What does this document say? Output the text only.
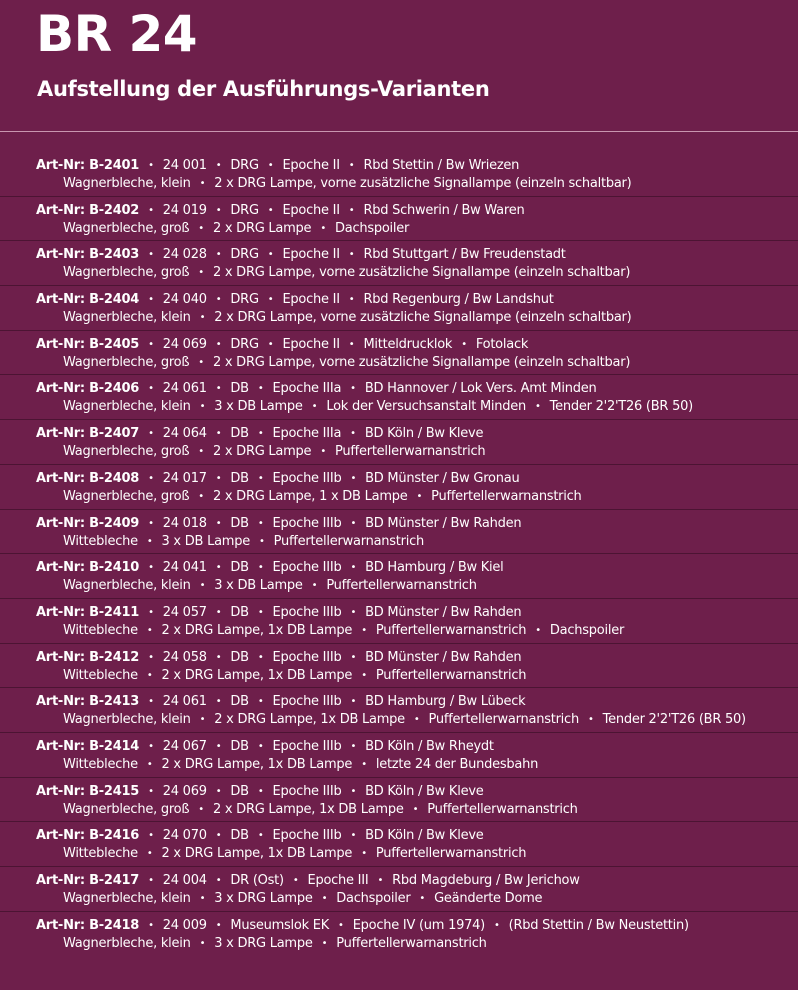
BR 24
Aufstellung der Ausführungs-Varianten
Art-Nr: B-2401 • 24 001 • DRG • Epoche II • Rbd Stettin / Bw Wriezen
Wagnerbleche, klein • 2 x DRG Lampe, vorne zusätzliche Signallampe (einzeln schaltbar)
Art-Nr: B-2402 • 24 019 • DRG • Epoche II • Rbd Schwerin / Bw Waren
Wagnerbleche, groß • 2 x DRG Lampe • Dachspoiler
Art-Nr: B-2403 • 24 028 • DRG • Epoche II • Rbd Stuttgart / Bw Freudenstadt
Wagnerbleche, groß • 2 x DRG Lampe, vorne zusätzliche Signallampe (einzeln schaltbar)
Art-Nr: B-2404 • 24 040 • DRG • Epoche II • Rbd Regenburg / Bw Landshut
Wagnerbleche, klein • 2 x DRG Lampe, vorne zusätzliche Signallampe (einzeln schaltbar)
Art-Nr: B-2405 • 24 069 • DRG • Epoche II • Mitteldrucklok • Fotolack
Wagnerbleche, groß • 2 x DRG Lampe, vorne zusätzliche Signallampe (einzeln schaltbar)
Art-Nr: B-2406 • 24 061 • DB • Epoche IIIa • BD Hannover / Lok Vers. Amt Minden
Wagnerbleche, klein • 3 x DB Lampe • Lok der Versuchsanstalt Minden • Tender 2'2'T26 (BR 50)
Art-Nr: B-2407 • 24 064 • DB • Epoche IIIa • BD Köln / Bw Kleve
Wagnerbleche, groß • 2 x DRG Lampe • Puffertellerwarnanstrich
Art-Nr: B-2408 • 24 017 • DB • Epoche IIIb • BD Münster / Bw Gronau
Wagnerbleche, groß • 2 x DRG Lampe, 1 x DB Lampe • Puffertellerwarnanstrich
Art-Nr: B-2409 • 24 018 • DB • Epoche IIIb • BD Münster / Bw Rahden
Wittebleche • 3 x DB Lampe • Puffertellerwarnanstrich
Art-Nr: B-2410 • 24 041 • DB • Epoche IIIb • BD Hamburg / Bw Kiel
Wagnerbleche, klein • 3 x DB Lampe • Puffertellerwarnanstrich
Art-Nr: B-2411 • 24 057 • DB • Epoche IIIb • BD Münster / Bw Rahden
Wittebleche • 2 x DRG Lampe, 1x DB Lampe • Puffertellerwarnanstrich • Dachspoiler
Art-Nr: B-2412 • 24 058 • DB • Epoche IIIb • BD Münster / Bw Rahden
Wittebleche • 2 x DRG Lampe, 1x DB Lampe • Puffertellerwarnanstrich
Art-Nr: B-2413 • 24 061 • DB • Epoche IIIb • BD Hamburg / Bw Lübeck
Wagnerbleche, klein • 2 x DRG Lampe, 1x DB Lampe • Puffertellerwarnanstrich • Tender 2'2'T26 (BR 50)
Art-Nr: B-2414 • 24 067 • DB • Epoche IIIb • BD Köln / Bw Rheydt
Wittebleche • 2 x DRG Lampe, 1x DB Lampe • letzte 24 der Bundesbahn
Art-Nr: B-2415 • 24 069 • DB • Epoche IIIb • BD Köln / Bw Kleve
Wagnerbleche, groß • 2 x DRG Lampe, 1x DB Lampe • Puffertellerwarnanstrich
Art-Nr: B-2416 • 24 070 • DB • Epoche IIIb • BD Köln / Bw Kleve
Wittebleche • 2 x DRG Lampe, 1x DB Lampe • Puffertellerwarnanstrich
Art-Nr: B-2417 • 24 004 • DR (Ost) • Epoche III • Rbd Magdeburg / Bw Jerichow
Wagnerbleche, klein • 3 x DRG Lampe • Dachspoiler • Geänderte Dome
Art-Nr: B-2418 • 24 009 • Museumslok EK • Epoche IV (um 1974) • (Rbd Stettin / Bw Neustettin)
Wagnerbleche, klein • 3 x DRG Lampe • Puffertellerwarnanstrich
